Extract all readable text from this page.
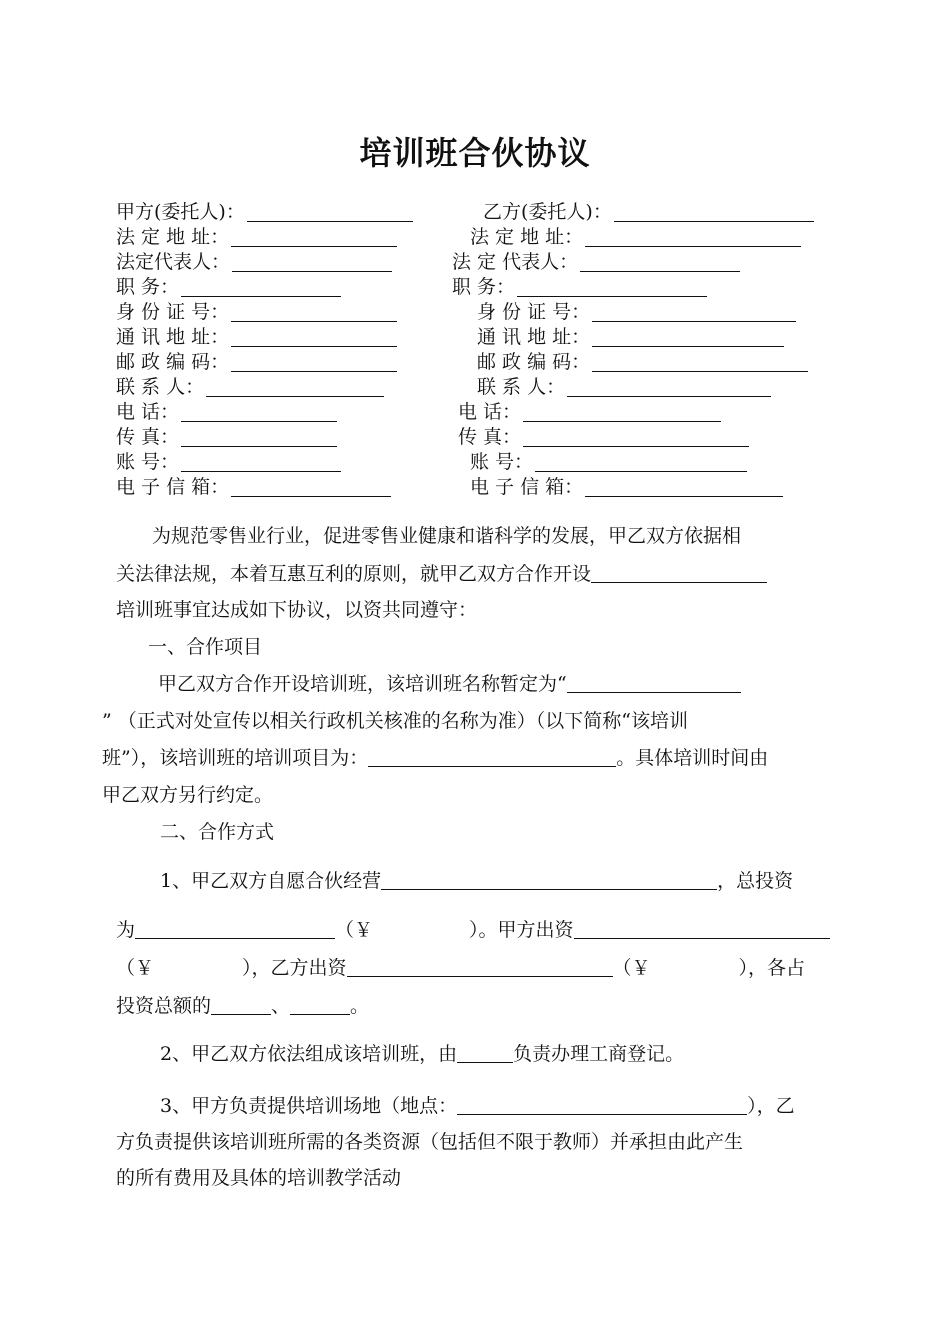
培训班合伙协议
甲方(委托人)：
法 定 地 址：
法定代表人：
职 务：
身 份 证 号：
通 讯 地 址：
邮 政 编 码：
联 系 人：
电 话：
传 真：
账 号：
电 子 信 箱：
乙方(委托人)：
法 定 地 址：
法 定 代表人：
职 务：
身 份 证 号：
通 讯 地 址：
邮 政 编 码：
联 系 人：
电 话：
传 真：
账 号：
电 子 信 箱：
为规范零售业行业，促进零售业健康和谐科学的发展，甲乙双方依据相
关法律法规，本着互惠互利的原则，就甲乙双方合作开设
培训班事宜达成如下协议，以资共同遵守：
一、合作项目
甲乙双方合作开设培训班，该培训班名称暂定为“
” （正式对处宣传以相关行政机关核准的名称为准）（以下简称“该培训
班”），该培训班的培训项目为：	。具体培训时间由
甲乙双方另行约定。
二、合作方式
1、甲乙双方自愿合伙经营	，总投资
为	（￥	）。甲方出资
（￥	），乙方出资	（￥	），各占
投资总额的	、	。
2、甲乙双方依法组成该培训班，由	负责办理工商登记。
3、甲方负责提供培训场地（地点：	），乙
方负责提供该培训班所需的各类资源（包括但不限于教师）并承担由此产生
的所有费用及具体的培训教学活动
